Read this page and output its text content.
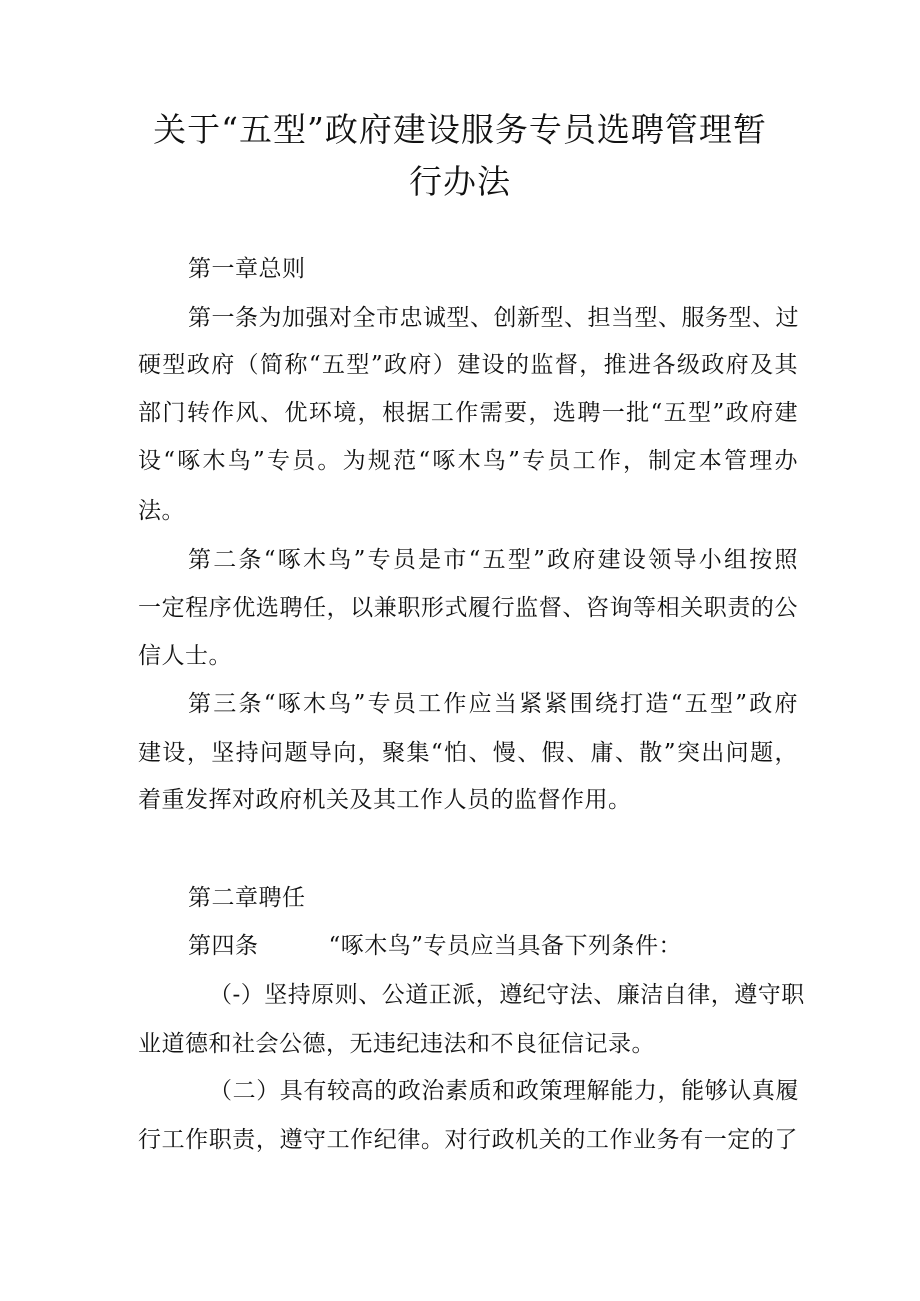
关于“五型”政府建设服务专员选聘管理暂
行办法
第一章总则
第一条为加强对全市忠诚型、创新型、担当型、服务型、过
硬型政府（简称“五型”政府）建设的监督，推进各级政府及其
部门转作风、优环境，根据工作需要，选聘一批“五型”政府建
设“啄木鸟”专员。为规范“啄木鸟”专员工作，制定本管理办
法。
第二条“啄木鸟”专员是市“五型”政府建设领导小组按照
一定程序优选聘任，以兼职形式履行监督、咨询等相关职责的公
信人士。
第三条“啄木鸟”专员工作应当紧紧围绕打造“五型”政府
建设，坚持问题导向，聚集“怕、慢、假、庸、散”突出问题，
着重发挥对政府机关及其工作人员的监督作用。
第二章聘任
第四条	“啄木鸟”专员应当具备下列条件：
（-）坚持原则、公道正派，遵纪守法、廉洁自律，遵守职
业道德和社会公德，无违纪违法和不良征信记录。
（二）具有较高的政治素质和政策理解能力，能够认真履
行工作职责，遵守工作纪律。对行政机关的工作业务有一定的了
